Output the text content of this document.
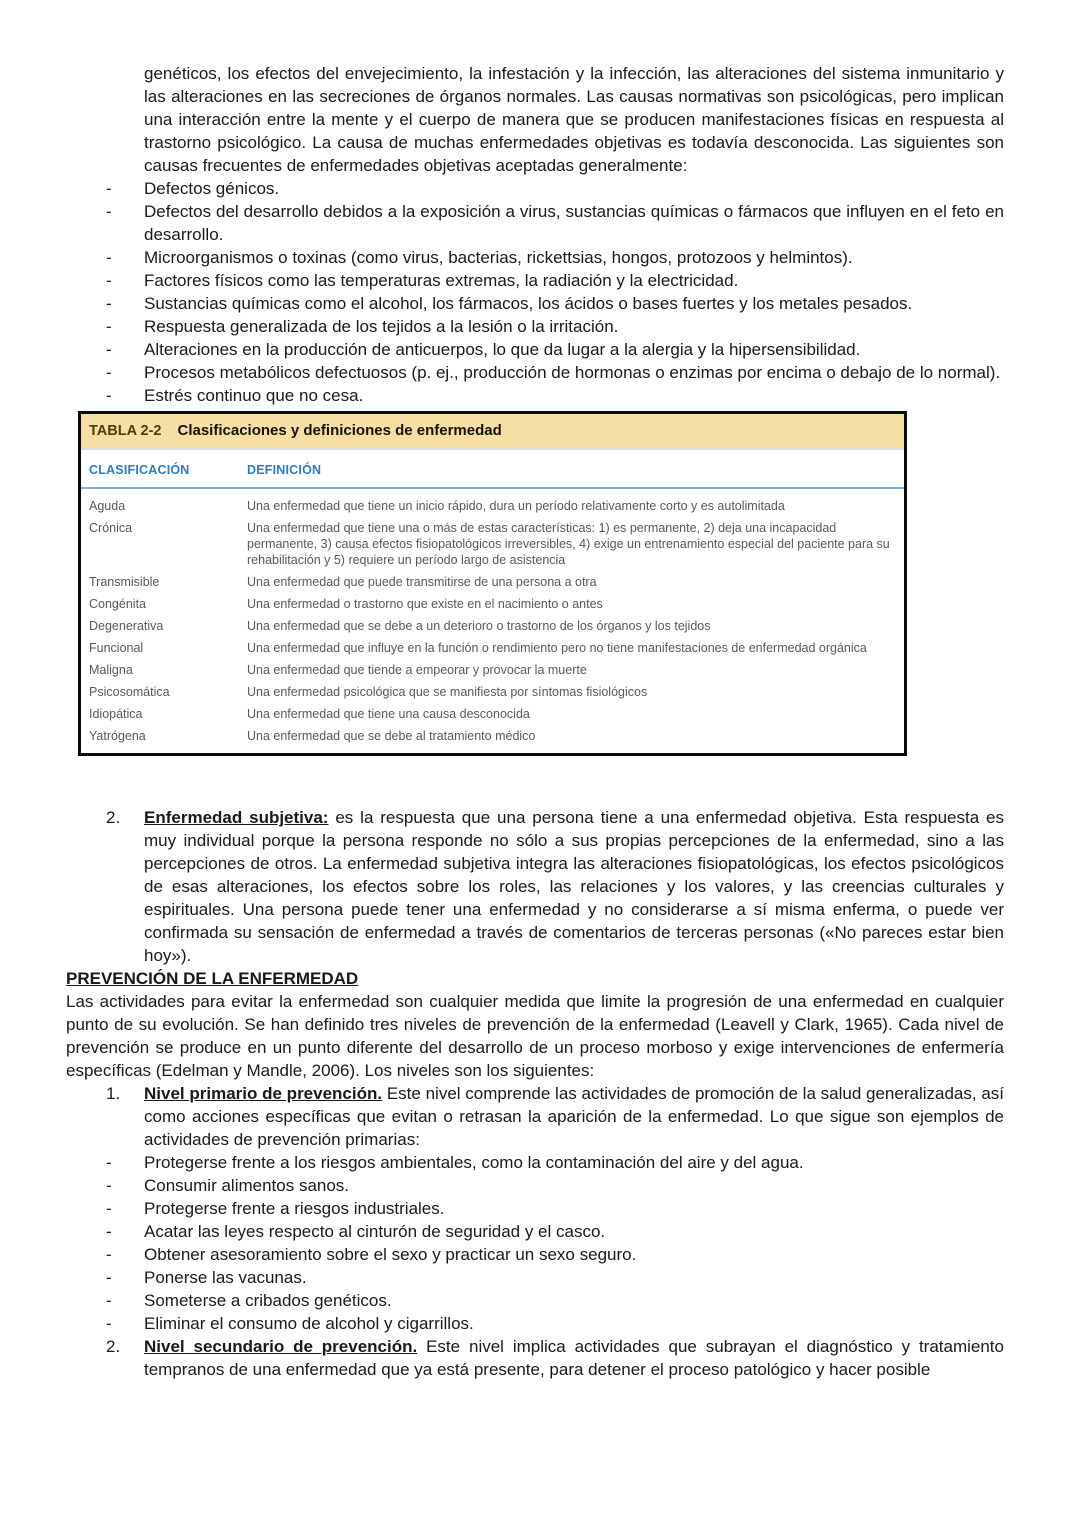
genéticos, los efectos del envejecimiento, la infestación y la infección, las alteraciones del sistema inmunitario y las alteraciones en las secreciones de órganos normales. Las causas normativas son psicológicas, pero implican una interacción entre la mente y el cuerpo de manera que se producen manifestaciones físicas en respuesta al trastorno psicológico. La causa de muchas enfermedades objetivas es todavía desconocida. Las siguientes son causas frecuentes de enfermedades objetivas aceptadas generalmente:

- Defectos génicos.
- Defectos del desarrollo debidos a la exposición a virus, sustancias químicas o fármacos que influyen en el feto en desarrollo.
- Microorganismos o toxinas (como virus, bacterias, rickettsias, hongos, protozoos y helmintos).
- Factores físicos como las temperaturas extremas, la radiación y la electricidad.
- Sustancias químicas como el alcohol, los fármacos, los ácidos o bases fuertes y los metales pesados.
- Respuesta generalizada de los tejidos a la lesión o la irritación.
- Alteraciones en la producción de anticuerpos, lo que da lugar a la alergia y la hipersensibilidad.
- Procesos metabólicos defectuosos (p. ej., producción de hormonas o enzimas por encima o debajo de lo normal).
- Estrés continuo que no cesa.
TABLA 2-2 Clasificaciones y definiciones de enfermedad
CLASIFICACIÓN	DEFINICIÓN
Aguda	Una enfermedad que tiene un inicio rápido, dura un período relativamente corto y es autolimitada
Crónica	Una enfermedad que tiene una o más de estas características: 1) es permanente, 2) deja una incapacidad permanente, 3) causa efectos fisiopatológicos irreversibles, 4) exige un entrenamiento especial del paciente para su rehabilitación y 5) requiere un período largo de asistencia
Transmisible	Una enfermedad que puede transmitirse de una persona a otra
Congénita	Una enfermedad o trastorno que existe en el nacimiento o antes
Degenerativa	Una enfermedad que se debe a un deterioro o trastorno de los órganos y los tejidos
Funcional	Una enfermedad que influye en la función o rendimiento pero no tiene manifestaciones de enfermedad orgánica
Maligna	Una enfermedad que tiende a empeorar y provocar la muerte
Psicosomática	Una enfermedad psicológica que se manifiesta por síntomas fisiológicos
Idiopática	Una enfermedad que tiene una causa desconocida
Yatrógena	Una enfermedad que se debe al tratamiento médico
2. Enfermedad subjetiva: es la respuesta que una persona tiene a una enfermedad objetiva. Esta respuesta es muy individual porque la persona responde no sólo a sus propias percepciones de la enfermedad, sino a las percepciones de otros. La enfermedad subjetiva integra las alteraciones fisiopatológicas, los efectos psicológicos de esas alteraciones, los efectos sobre los roles, las relaciones y los valores, y las creencias culturales y espirituales. Una persona puede tener una enfermedad y no considerarse a sí misma enferma, o puede ver confirmada su sensación de enfermedad a través de comentarios de terceras personas («No pareces estar bien hoy»).
PREVENCIÓN DE LA ENFERMEDAD

Las actividades para evitar la enfermedad son cualquier medida que limite la progresión de una enfermedad en cualquier punto de su evolución. Se han definido tres niveles de prevención de la enfermedad (Leavell y Clark, 1965). Cada nivel de prevención se produce en un punto diferente del desarrollo de un proceso morboso y exige intervenciones de enfermería específicas (Edelman y Mandle, 2006). Los niveles son los siguientes:

1. Nivel primario de prevención. Este nivel comprende las actividades de promoción de la salud generalizadas, así como acciones específicas que evitan o retrasan la aparición de la enfermedad. Lo que sigue son ejemplos de actividades de prevención primarias:
- Protegerse frente a los riesgos ambientales, como la contaminación del aire y del agua.
- Consumir alimentos sanos.
- Protegerse frente a riesgos industriales.
- Acatar las leyes respecto al cinturón de seguridad y el casco.
- Obtener asesoramiento sobre el sexo y practicar un sexo seguro.
- Ponerse las vacunas.
- Someterse a cribados genéticos.
- Eliminar el consumo de alcohol y cigarrillos.
2. Nivel secundario de prevención. Este nivel implica actividades que subrayan el diagnóstico y tratamiento tempranos de una enfermedad que ya está presente, para detener el proceso patológico y hacer posible
